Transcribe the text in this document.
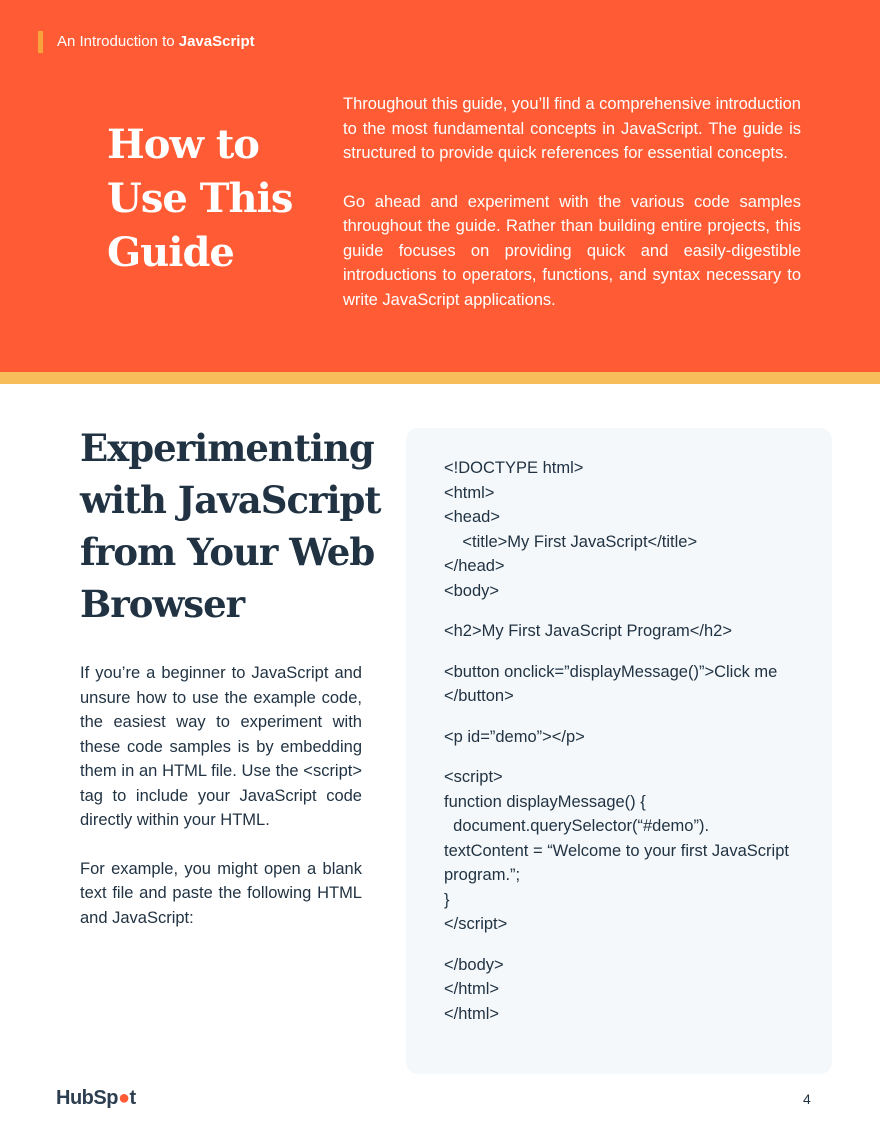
An Introduction to JavaScript
How to Use This Guide

Throughout this guide, you’ll find a comprehensive introduction to the most fundamental concepts in JavaScript. The guide is structured to provide quick references for essential concepts.

Go ahead and experiment with the various code samples throughout the guide. Rather than building entire projects, this guide focuses on providing quick and easily-digestible introductions to operators, functions, and syntax necessary to write JavaScript applications.

Experimenting with JavaScript from Your Web Browser

If you’re a beginner to JavaScript and unsure how to use the example code, the easiest way to experiment with these code samples is by embedding them in an HTML file. Use the <script> tag to include your JavaScript code directly within your HTML.

For example, you might open a blank text file and paste the following HTML and JavaScript:

<!DOCTYPE html>
<html>
<head>
<title>My First JavaScript</title>
</head>
<body>
<h2>My First JavaScript Program</h2>
<button onclick=”displayMessage()”>Click me
</button>
<p id=”demo”></p>
<script>
function displayMessage() {
document.querySelector(“#demo”).
textContent = “Welcome to your first JavaScript program.”;
}
</script>
</body>
</html>
</html>
HubSp●t	4
